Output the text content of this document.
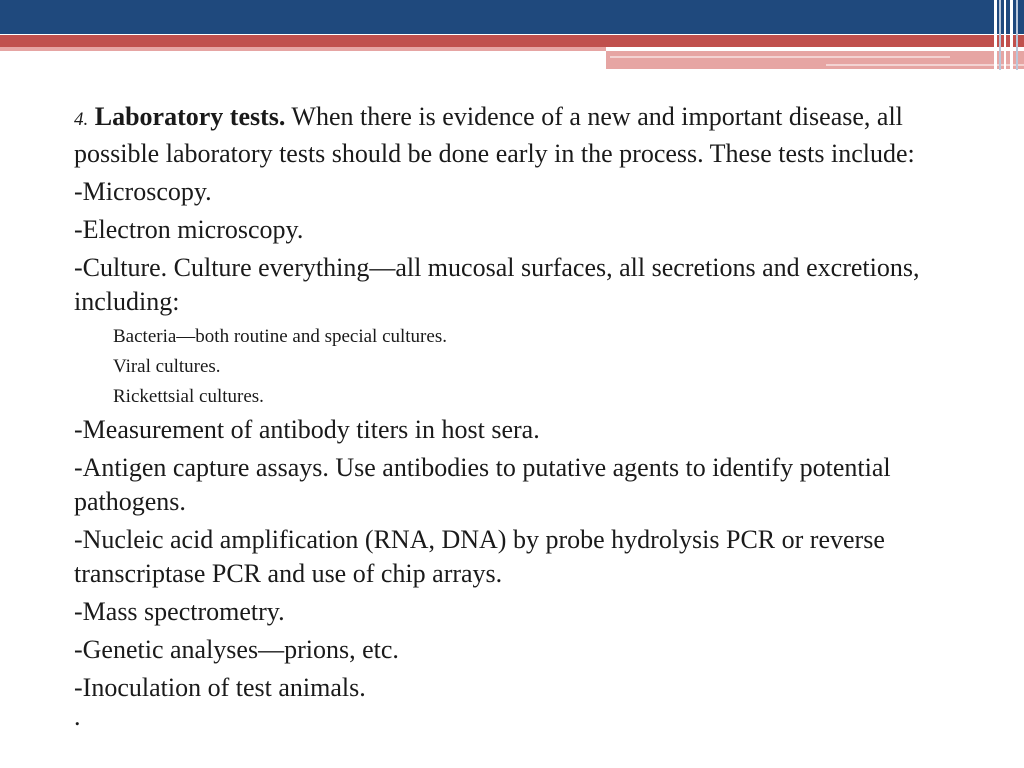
4. Laboratory tests. When there is evidence of a new and important disease, all possible laboratory tests should be done early in the process. These tests include:

-Microscopy.

-Electron microscopy.

-Culture. Culture everything—all mucosal surfaces, all secretions and excretions, including:

Bacteria—both routine and special cultures.

Viral cultures.

Rickettsial cultures.

-Measurement of antibody titers in host sera.

-Antigen capture assays. Use antibodies to putative agents to identify potential pathogens.

-Nucleic acid amplification (RNA, DNA) by probe hydrolysis PCR or reverse transcriptase PCR and use of chip arrays.

-Mass spectrometry.

-Genetic analyses—prions, etc.

-Inoculation of test animals.

.
